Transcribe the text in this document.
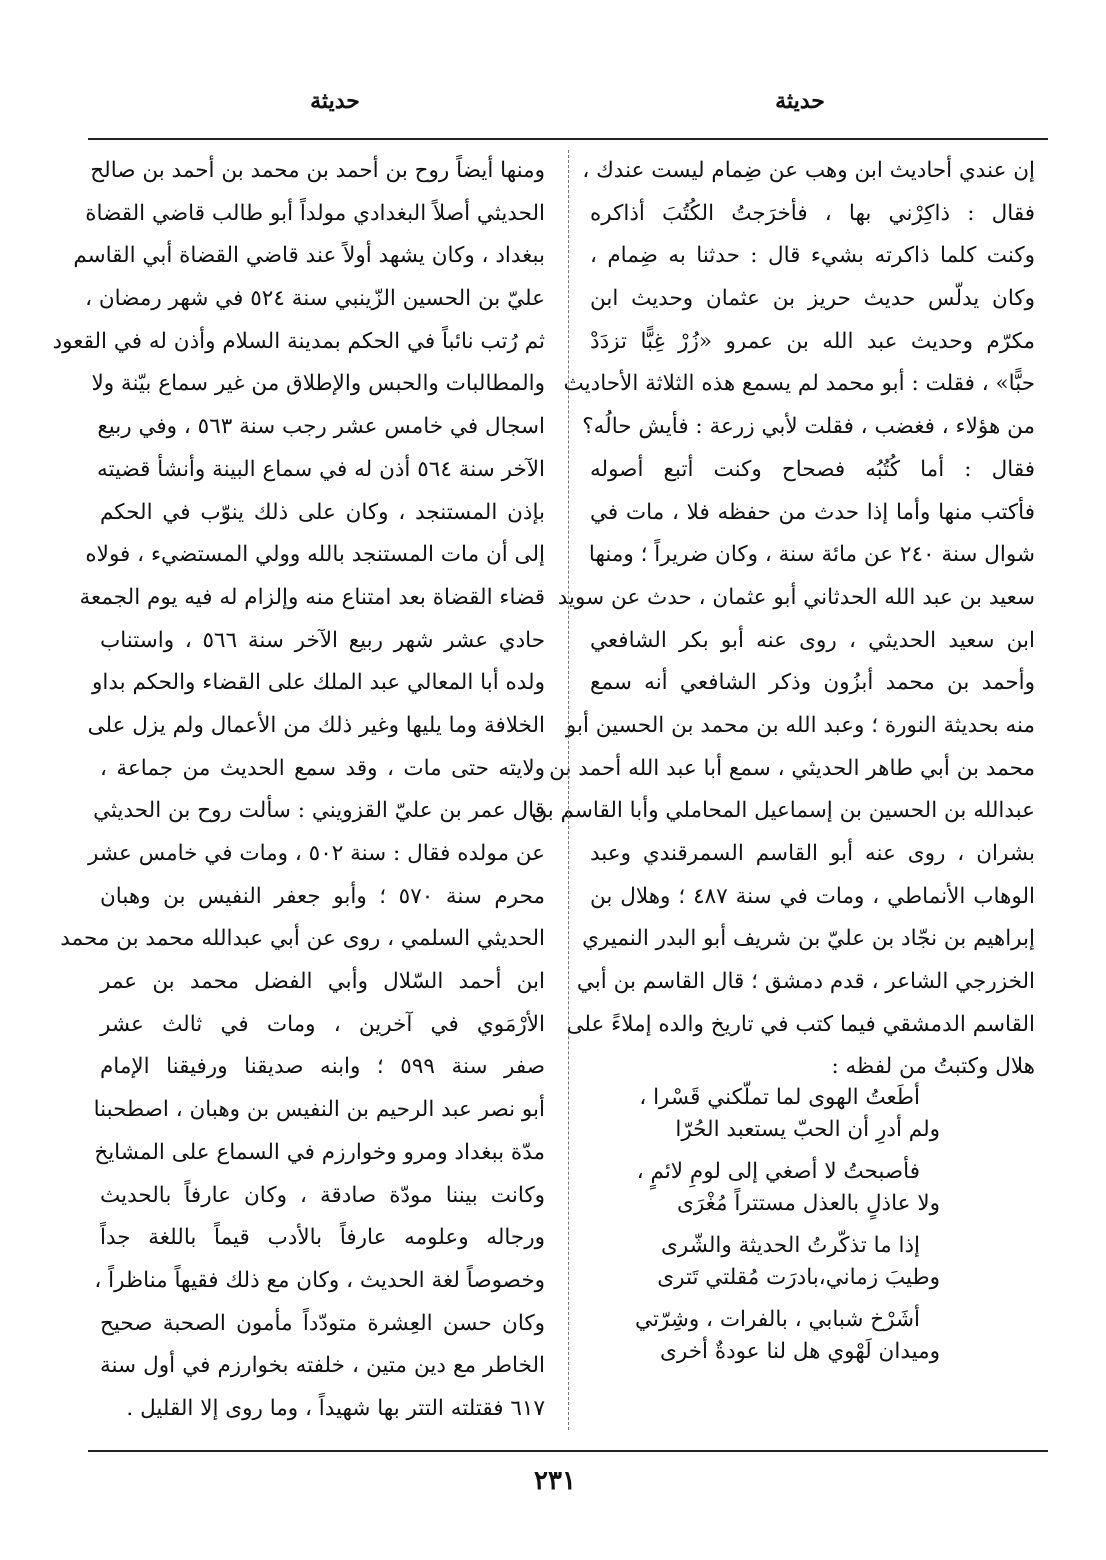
حديثة
حديثة
إن عندي أحاديث ابن وهب عن ضِمام ليست عندك ،
فقال : ذاكِرْني بها ، فأخرَجتُ الكُتُبَ أذاكره
وكنت كلما ذاكرته بشيء قال : حدثنا به ضِمام ،
وكان يدلّس حديث حريز بن عثمان وحديث ابن
مكرّم وحديث عبد الله بن عمرو «زُرْ غِبًّا تزدَدْ
حبًّا» ، فقلت : أبو محمد لم يسمع هذه الثلاثة الأحاديث
من هؤلاء ، فغضب ، فقلت لأبي زرعة : فأيش حالُه؟
فقال : أما كُتُبُه فصحاح وكنت أتبع أصوله
فأكتب منها وأما إذا حدث من حفظه فلا ، مات في
شوال سنة ٢٤٠ عن مائة سنة ، وكان ضريراً ؛ ومنها
سعيد بن عبد الله الحدثاني أبو عثمان ، حدث عن سويد
ابن سعيد الحديثي ، روى عنه أبو بكر الشافعي
وأحمد بن محمد أبزُون وذكر الشافعي أنه سمع
منه بحديثة النورة ؛ وعبد الله بن محمد بن الحسين أبو
محمد بن أبي طاهر الحديثي ، سمع أبا عبد الله أحمد بن
عبدالله بن الحسين بن إسماعيل المحاملي وأبا القاسم بن
بشران ، روى عنه أبو القاسم السمرقندي وعبد
الوهاب الأنماطي ، ومات في سنة ٤٨٧ ؛ وهلال بن
إبراهيم بن نجّاد بن عليّ بن شريف أبو البدر النميري
الخزرجي الشاعر ، قدم دمشق ؛ قال القاسم بن أبي
القاسم الدمشقي فيما كتب في تاريخ والده إملاءً على
هلال وكتبتُ من لفظه :
أطَعتُ الهوى لما تملّكني قَسْرا ،
ولم أدرِ أن الحبّ يستعبد الحُرّا
فأصبحتُ لا أصغي إلى لومِ لائمٍ ،
ولا عاذلٍ بالعذل مستتراً مُغْرَى
إذا ما تذكّرتُ الحديثة والشّرى
وطيبَ زماني،بادرَت مُقلتي تَترى
أشَرْخ شبابي ، بالفرات ، وشِرّتي
وميدان لَهْوي هل لنا عودةٌ أخرى
ومنها أيضاً روح بن أحمد بن محمد بن أحمد بن صالح
الحديثي أصلاً البغدادي مولداً أبو طالب قاضي القضاة
ببغداد ، وكان يشهد أولاً عند قاضي القضاة أبي القاسم
عليّ بن الحسين الزّينبي سنة ٥٢٤ في شهر رمضان ،
ثم رُتب نائباً في الحكم بمدينة السلام وأذن له في القعود
والمطالبات والحبس والإطلاق من غير سماع بيّنة ولا
اسجال في خامس عشر رجب سنة ٥٦٣ ، وفي ربيع
الآخر سنة ٥٦٤ أذن له في سماع البينة وأنشأ قضيته
بإذن المستنجد ، وكان على ذلك ينوّب في الحكم
إلى أن مات المستنجد بالله وولي المستضيء ، فولاه
قضاء القضاة بعد امتناع منه وإلزام له فيه يوم الجمعة
حادي عشر شهر ربيع الآخر سنة ٥٦٦ ، واستناب
ولده أبا المعالي عبد الملك على القضاء والحكم بداو
الخلافة وما يليها وغير ذلك من الأعمال ولم يزل على
ولايته حتى مات ، وقد سمع الحديث من جماعة ،
قال عمر بن عليّ القزويني : سألت روح بن الحديثي
عن مولده فقال : سنة ٥٠٢ ، ومات في خامس عشر
محرم سنة ٥٧٠ ؛ وأبو جعفر النفيس بن وهبان
الحديثي السلمي ، روى عن أبي عبدالله محمد بن محمد
ابن أحمد السّلال وأبي الفضل محمد بن عمر
الأرْمَوي في آخرين ، ومات في ثالث عشر
صفر سنة ٥٩٩ ؛ وابنه صديقنا ورفيقنا الإمام
أبو نصر عبد الرحيم بن النفيس بن وهبان ، اصطحبنا
مدّة ببغداد ومرو وخوارزم في السماع على المشايخ
وكانت بيننا مودّة صادقة ، وكان عارفاً بالحديث
ورجاله وعلومه عارفاً بالأدب قيماً باللغة جداً
وخصوصاً لغة الحديث ، وكان مع ذلك فقيهاً مناظراً ،
وكان حسن العِشرة متودّداً مأمون الصحبة صحيح
الخاطر مع دين متين ، خلفته بخوارزم في أول سنة
٦١٧ فقتلته التتر بها شهيداً ، وما روى إلا القليل .
٢٣١
